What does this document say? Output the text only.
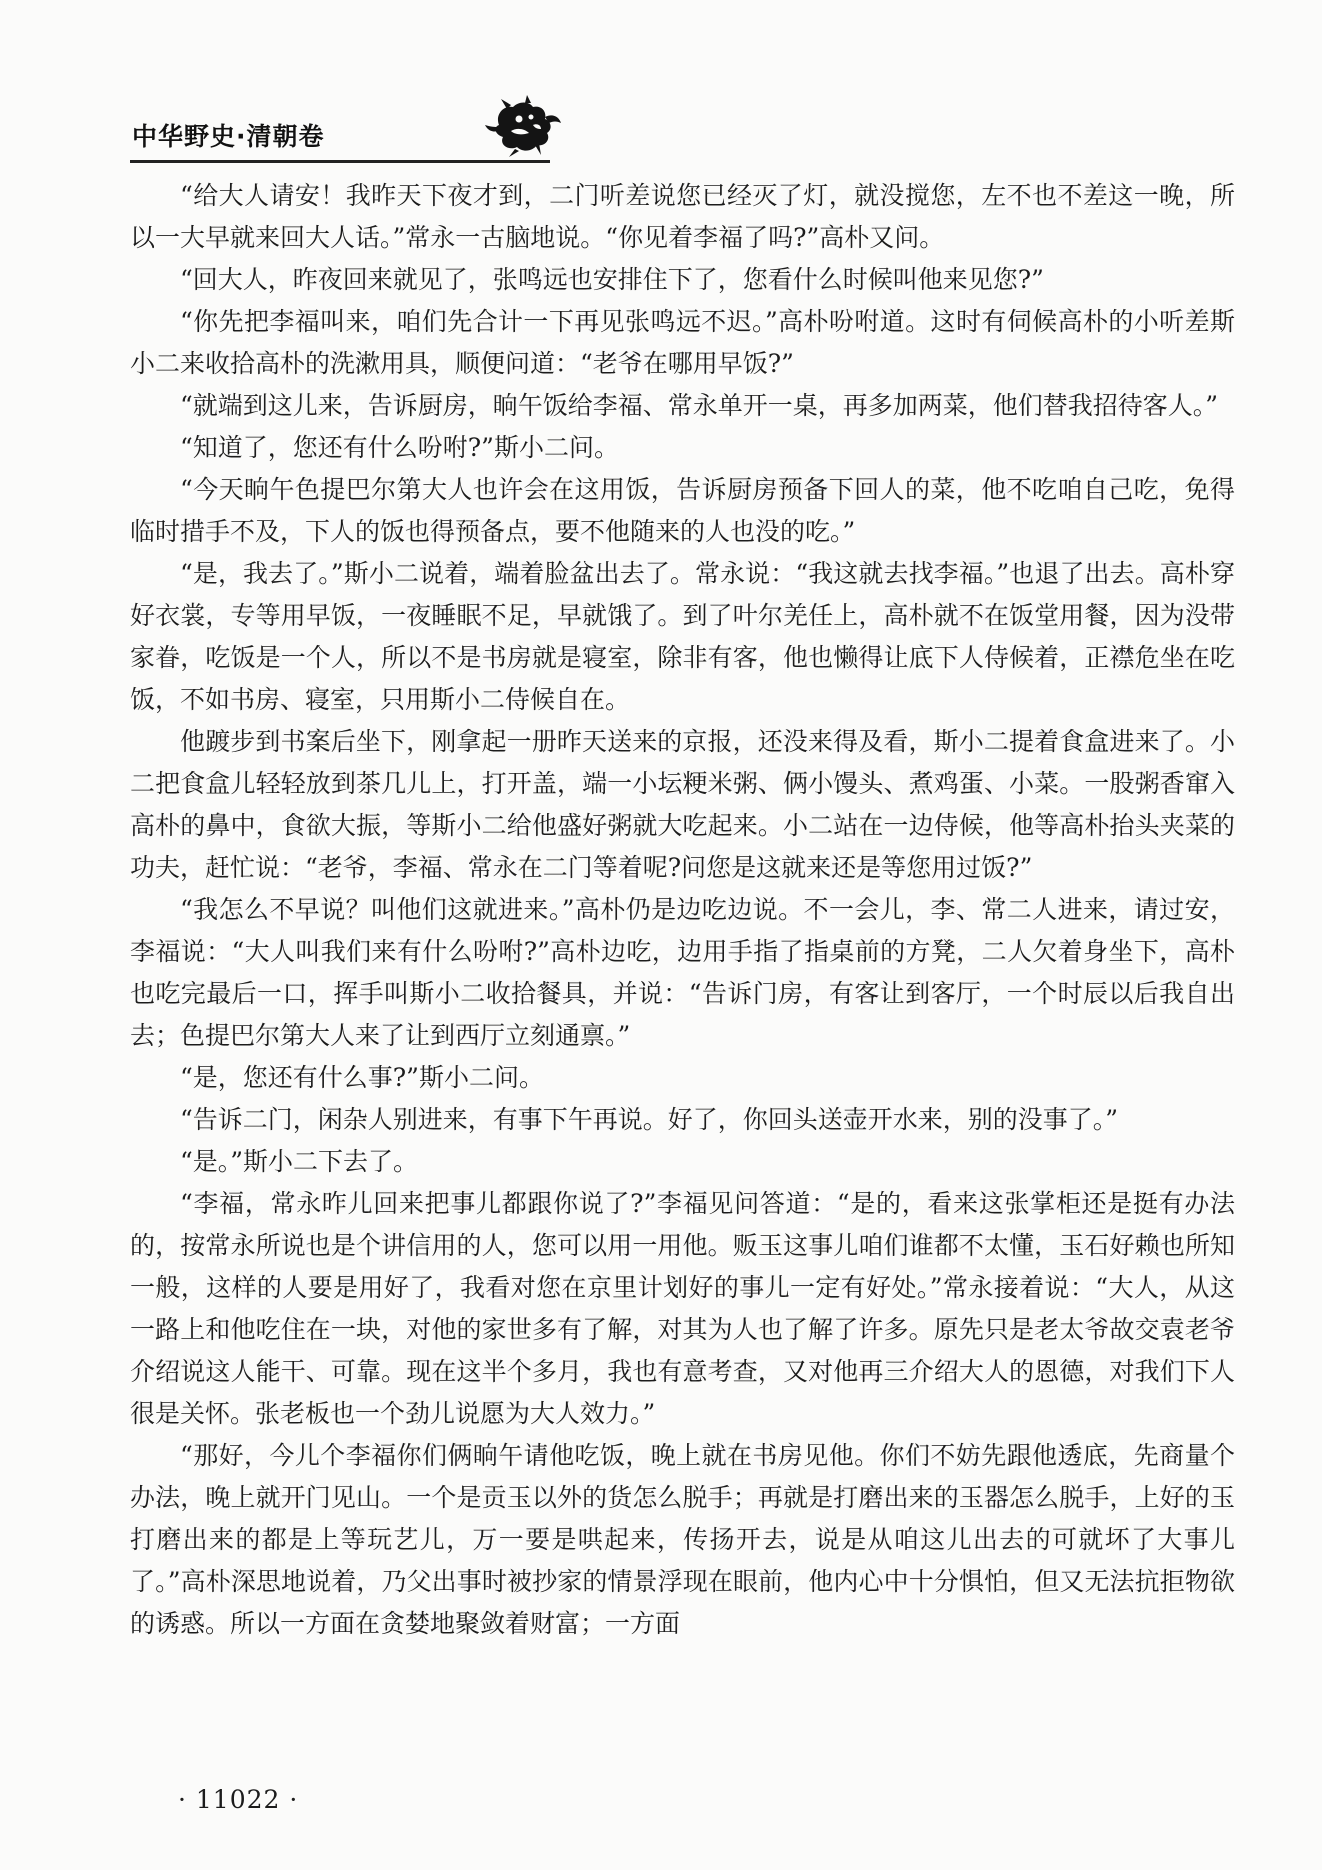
中华野史·清朝卷

“给大人请安！我昨天下夜才到，二门听差说您已经灭了灯，就没搅您，左不也不差这一晚，所以一大早就来回大人话。”常永一古脑地说。“你见着李福了吗?”高朴又问。

“回大人，昨夜回来就见了，张鸣远也安排住下了，您看什么时候叫他来见您?”

“你先把李福叫来，咱们先合计一下再见张鸣远不迟。”高朴吩咐道。这时有伺候高朴的小听差斯小二来收拾高朴的洗漱用具，顺便问道：“老爷在哪用早饭?”

“就端到这儿来，告诉厨房，晌午饭给李福、常永单开一桌，再多加两菜，他们替我招待客人。”

“知道了，您还有什么吩咐?”斯小二问。

“今天晌午色提巴尔第大人也许会在这用饭，告诉厨房预备下回人的菜，他不吃咱自己吃，免得临时措手不及，下人的饭也得预备点，要不他随来的人也没的吃。”

“是，我去了。”斯小二说着，端着脸盆出去了。常永说：“我这就去找李福。”也退了出去。高朴穿好衣裳，专等用早饭，一夜睡眠不足，早就饿了。到了叶尔羌任上，高朴就不在饭堂用餐，因为没带家眷，吃饭是一个人，所以不是书房就是寝室，除非有客，他也懒得让底下人侍候着，正襟危坐在吃饭，不如书房、寝室，只用斯小二侍候自在。

他踱步到书案后坐下，刚拿起一册昨天送来的京报，还没来得及看，斯小二提着食盒进来了。小二把食盒儿轻轻放到茶几儿上，打开盖，端一小坛粳米粥、俩小馒头、煮鸡蛋、小菜。一股粥香窜入高朴的鼻中，食欲大振，等斯小二给他盛好粥就大吃起来。小二站在一边侍候，他等高朴抬头夹菜的功夫，赶忙说：“老爷，李福、常永在二门等着呢?问您是这就来还是等您用过饭?”

“我怎么不早说？叫他们这就进来。”高朴仍是边吃边说。不一会儿，李、常二人进来，请过安，李福说：“大人叫我们来有什么吩咐?”高朴边吃，边用手指了指桌前的方凳，二人欠着身坐下，高朴也吃完最后一口，挥手叫斯小二收拾餐具，并说：“告诉门房，有客让到客厅，一个时辰以后我自出去；色提巴尔第大人来了让到西厅立刻通禀。”

“是，您还有什么事?”斯小二问。

“告诉二门，闲杂人别进来，有事下午再说。好了，你回头送壶开水来，别的没事了。”

“是。”斯小二下去了。

“李福，常永昨儿回来把事儿都跟你说了?”李福见问答道：“是的，看来这张掌柜还是挺有办法的，按常永所说也是个讲信用的人，您可以用一用他。贩玉这事儿咱们谁都不太懂，玉石好赖也所知一般，这样的人要是用好了，我看对您在京里计划好的事儿一定有好处。”常永接着说：“大人，从这一路上和他吃住在一块，对他的家世多有了解，对其为人也了解了许多。原先只是老太爷故交袁老爷介绍说这人能干、可靠。现在这半个多月，我也有意考查，又对他再三介绍大人的恩德，对我们下人很是关怀。张老板也一个劲儿说愿为大人效力。”

“那好，今儿个李福你们俩晌午请他吃饭，晚上就在书房见他。你们不妨先跟他透底，先商量个办法，晚上就开门见山。一个是贡玉以外的货怎么脱手；再就是打磨出来的玉器怎么脱手，上好的玉打磨出来的都是上等玩艺儿，万一要是哄起来，传扬开去，说是从咱这儿出去的可就坏了大事儿了。”高朴深思地说着，乃父出事时被抄家的情景浮现在眼前，他内心中十分惧怕，但又无法抗拒物欲的诱惑。所以一方面在贪婪地聚敛着财富；一方面

· 11022 ·
